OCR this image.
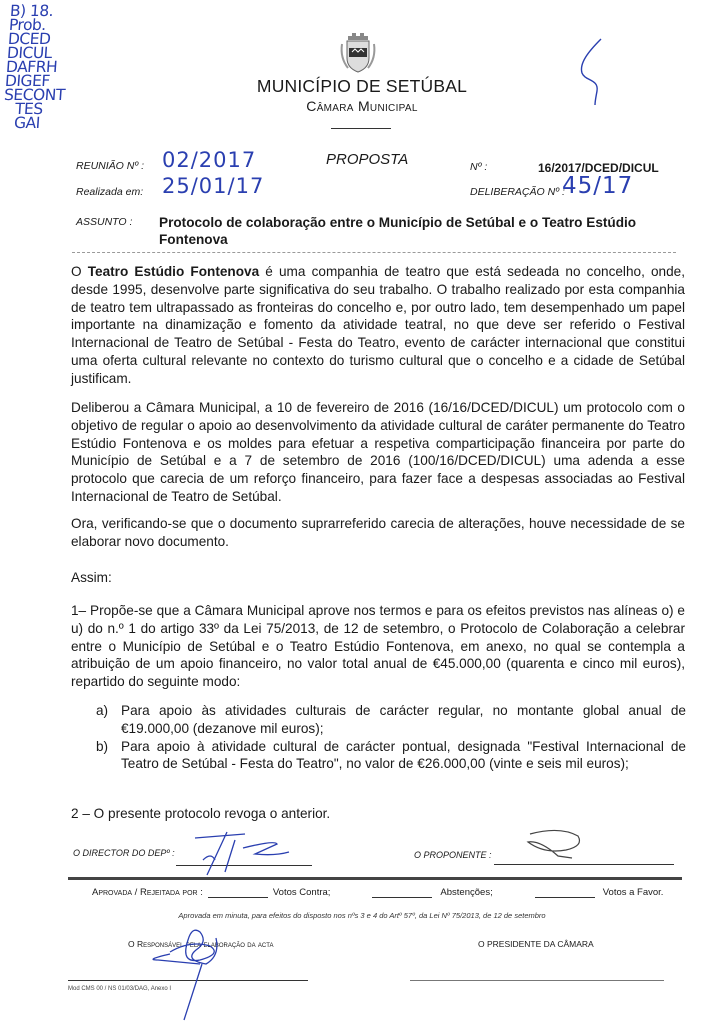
B) 18.
Prob.
DCED
DICUL
DAFRH
DIGEF
SECONT
TES
GAI
MUNICÍPIO DE SETÚBAL
Câmara Municipal
REUNIÃO Nº : 02/2017	PROPOSTA	Nº :	16/2017/DCED/DICUL
Realizada em: 25/01/17	DELIBERAÇÃO Nº :
45/17
ASSUNTO : Protocolo de colaboração entre o Município de Setúbal e o Teatro Estúdio Fontenova
O Teatro Estúdio Fontenova é uma companhia de teatro que está sedeada no concelho, onde, desde 1995, desenvolve parte significativa do seu trabalho. O trabalho realizado por esta companhia de teatro tem ultrapassado as fronteiras do concelho e, por outro lado, tem desempenhado um papel importante na dinamização e fomento da atividade teatral, no que deve ser referido o Festival Internacional de Teatro de Setúbal - Festa do Teatro, evento de carácter internacional que constitui uma oferta cultural relevante no contexto do turismo cultural que o concelho e a cidade de Setúbal justificam.
Deliberou a Câmara Municipal, a 10 de fevereiro de 2016 (16/16/DCED/DICUL) um protocolo com o objetivo de regular o apoio ao desenvolvimento da atividade cultural de caráter permanente do Teatro Estúdio Fontenova e os moldes para efetuar a respetiva comparticipação financeira por parte do Município de Setúbal e a 7 de setembro de 2016 (100/16/DCED/DICUL) uma adenda a esse protocolo que carecia de um reforço financeiro, para fazer face a despesas associadas ao Festival Internacional de Teatro de Setúbal.
Ora, verificando-se que o documento suprarreferido carecia de alterações, houve necessidade de se elaborar novo documento.
Assim:
1– Propõe-se que a Câmara Municipal aprove nos termos e para os efeitos previstos nas alíneas o) e u) do n.º 1 do artigo 33º da Lei 75/2013, de 12 de setembro, o Protocolo de Colaboração a celebrar entre o Município de Setúbal e o Teatro Estúdio Fontenova, em anexo, no qual se contempla a atribuição de um apoio financeiro, no valor total anual de €45.000,00 (quarenta e cinco mil euros), repartido do seguinte modo:
a) Para apoio às atividades culturais de carácter regular, no montante global anual de €19.000,00 (dezanove mil euros);
b) Para apoio à atividade cultural de carácter pontual, designada "Festival Internacional de Teatro de Setúbal - Festa do Teatro", no valor de €26.000,00 (vinte e seis mil euros);
2 – O presente protocolo revoga o anterior.
O DIRECTOR DO DEPº :	O PROPONENTE :
Aprovada / Rejeitada por :	Votos Contra;	Abstenções;	Votos a Favor.
Aprovada em minuta, para efeitos do disposto nos nºs 3 e 4 do Artº 57º, da Lei Nº 75/2013, de 12 de setembro
O Responsável pela elaboração da acta	O PRESIDENTE DA CÂMARA
Mod CMS 00 / NS 01/03/DAG, Anexo I
